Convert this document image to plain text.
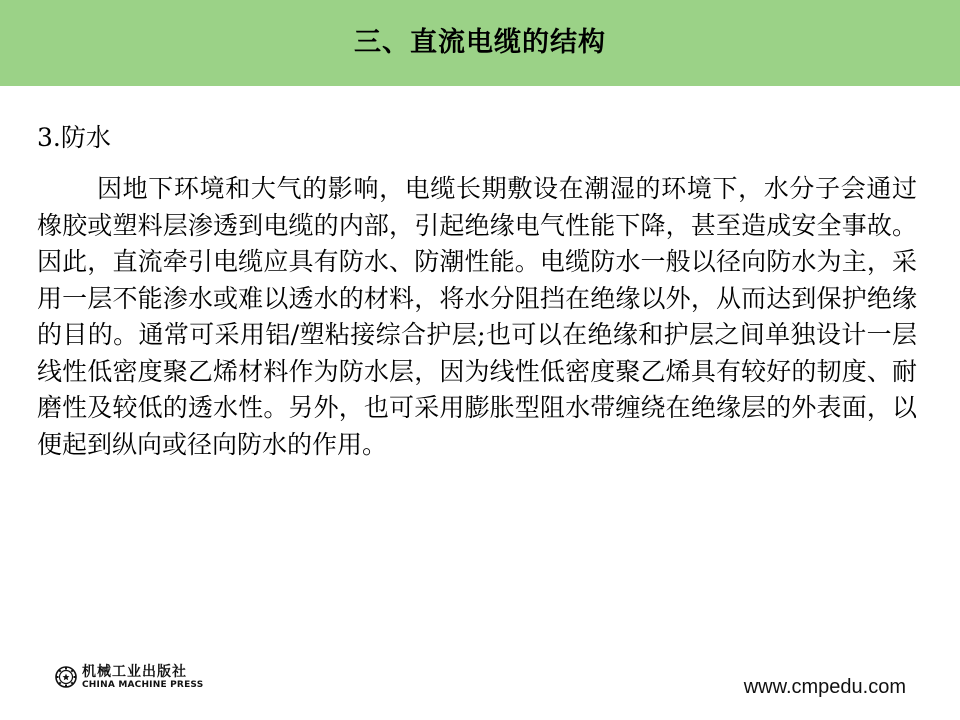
三、直流电缆的结构
3.防水

因地下环境和大气的影响，电缆长期敷设在潮湿的环境下，水分子会通过橡胶或塑料层渗透到电缆的内部，引起绝缘电气性能下降，甚至造成安全事故。因此，直流牵引电缆应具有防水、防潮性能。电缆防水一般以径向防水为主，采用一层不能渗水或难以透水的材料，将水分阻挡在绝缘以外，从而达到保护绝缘的目的。通常可采用铝/塑粘接综合护层;也可以在绝缘和护层之间单独设计一层线性低密度聚乙烯材料作为防水层，因为线性低密度聚乙烯具有较好的韧度、耐磨性及较低的透水性。另外，也可采用膨胀型阻水带缠绕在绝缘层的外表面，以便起到纵向或径向防水的作用。

机械工业出版社
CHINA MACHINE PRESS	www.cmpedu.com
